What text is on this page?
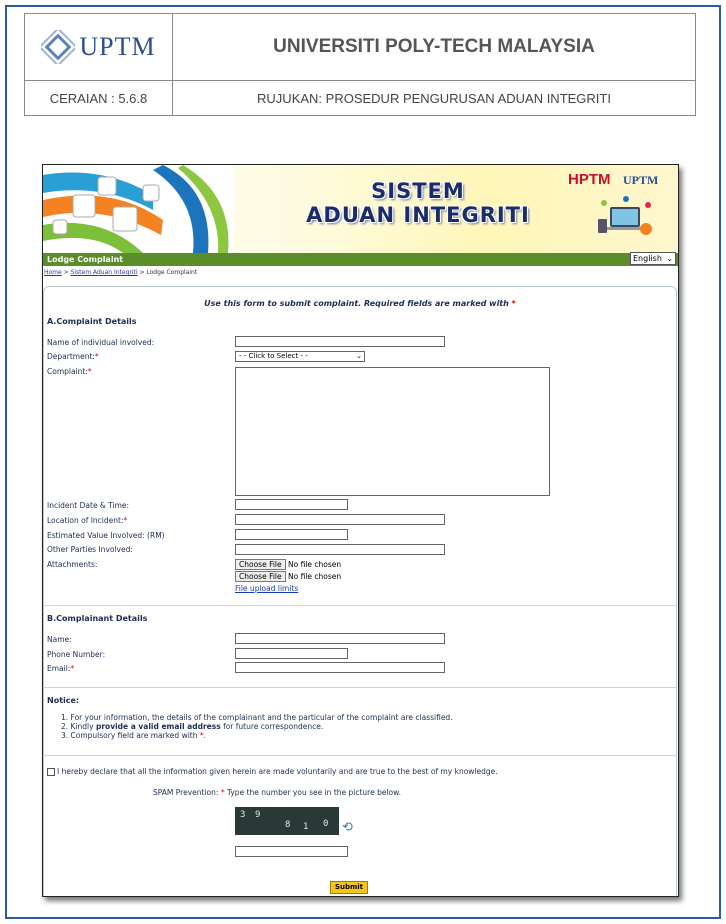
UPTM	UNIVERSITI POLY-TECH MALAYSIA
CERAIAN : 5.6.8	RUJUKAN: PROSEDUR PENGURUSAN ADUAN INTEGRITI
SISTEM
ADUAN INTEGRITI
HPTM UPTM
Lodge Complaint	English ⌄
Home > Sistem Aduan Integriti > Lodge Complaint
Use this form to submit complaint. Required fields are marked with *
A.Complaint Details
Name of individual involved:
Department:*	- - Click to Select - -	⌄
Complaint:*
Incident Date & Time:
Location of Incident:*
Estimated Value Involved: (RM)
Other Parties Involved:
Attachments:	Choose File No file chosen
Choose File No file chosen
File upload limits
B.Complainant Details
Name:
Phone Number:
Email:*
Notice:
1. For your information, the details of the complainant and the particular of the complaint are classified.
2. Kindly provide a valid email address for future correspondence.
3. Compulsory field are marked with *.
I hereby declare that all the information given herein are made voluntarily and are true to the best of my knowledge.
SPAM Prevention: * Type the number you see in the picture below.
3 9
8 1 0 ⟲
Submit
